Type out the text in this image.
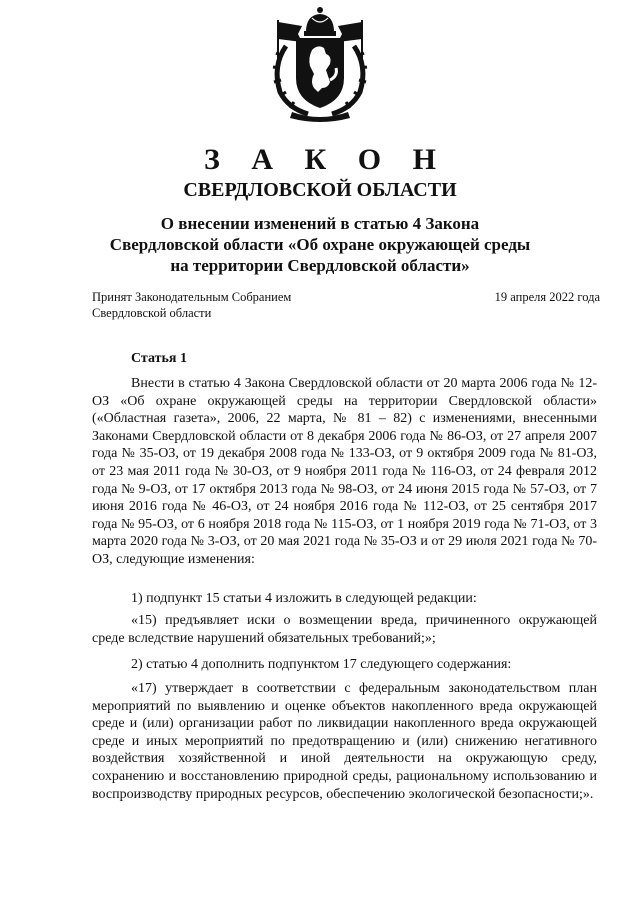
З А К О Н
СВЕРДЛОВСКОЙ ОБЛАСТИ
О внесении изменений в статью 4 Закона
Свердловской области «Об охране окружающей среды
на территории Свердловской области»
Принят Законодательным Собранием
Свердловской области
19 апреля 2022 года
Статья 1

Внести в статью 4 Закона Свердловской области от 20 марта 2006 года № 12-ОЗ «Об охране окружающей среды на территории Свердловской области» («Областная газета», 2006, 22 марта, № 81 – 82) с изменениями, внесенными Законами Свердловской области от 8 декабря 2006 года № 86-ОЗ, от 27 апреля 2007 года № 35-ОЗ, от 19 декабря 2008 года № 133-ОЗ, от 9 октября 2009 года № 81-ОЗ, от 23 мая 2011 года № 30-ОЗ, от 9 ноября 2011 года № 116-ОЗ, от 24 февраля 2012 года № 9-ОЗ, от 17 октября 2013 года № 98-ОЗ, от 24 июня 2015 года № 57-ОЗ, от 7 июня 2016 года № 46-ОЗ, от 24 ноября 2016 года № 112-ОЗ, от 25 сентября 2017 года № 95-ОЗ, от 6 ноября 2018 года № 115-ОЗ, от 1 ноября 2019 года № 71-ОЗ, от 3 марта 2020 года № 3-ОЗ, от 20 мая 2021 года № 35-ОЗ и от 29 июля 2021 года № 70-ОЗ, следующие изменения:

1) подпункт 15 статьи 4 изложить в следующей редакции:

«15) предъявляет иски о возмещении вреда, причиненного окружающей среде вследствие нарушений обязательных требований;»;

2) статью 4 дополнить подпунктом 17 следующего содержания:

«17) утверждает в соответствии с федеральным законодательством план мероприятий по выявлению и оценке объектов накопленного вреда окружающей среде и (или) организации работ по ликвидации накопленного вреда окружающей среде и иных мероприятий по предотвращению и (или) снижению негативного воздействия хозяйственной и иной деятельности на окружающую среду, сохранению и восстановлению природной среды, рациональному использованию и воспроизводству природных ресурсов, обеспечению экологической безопасности;».
